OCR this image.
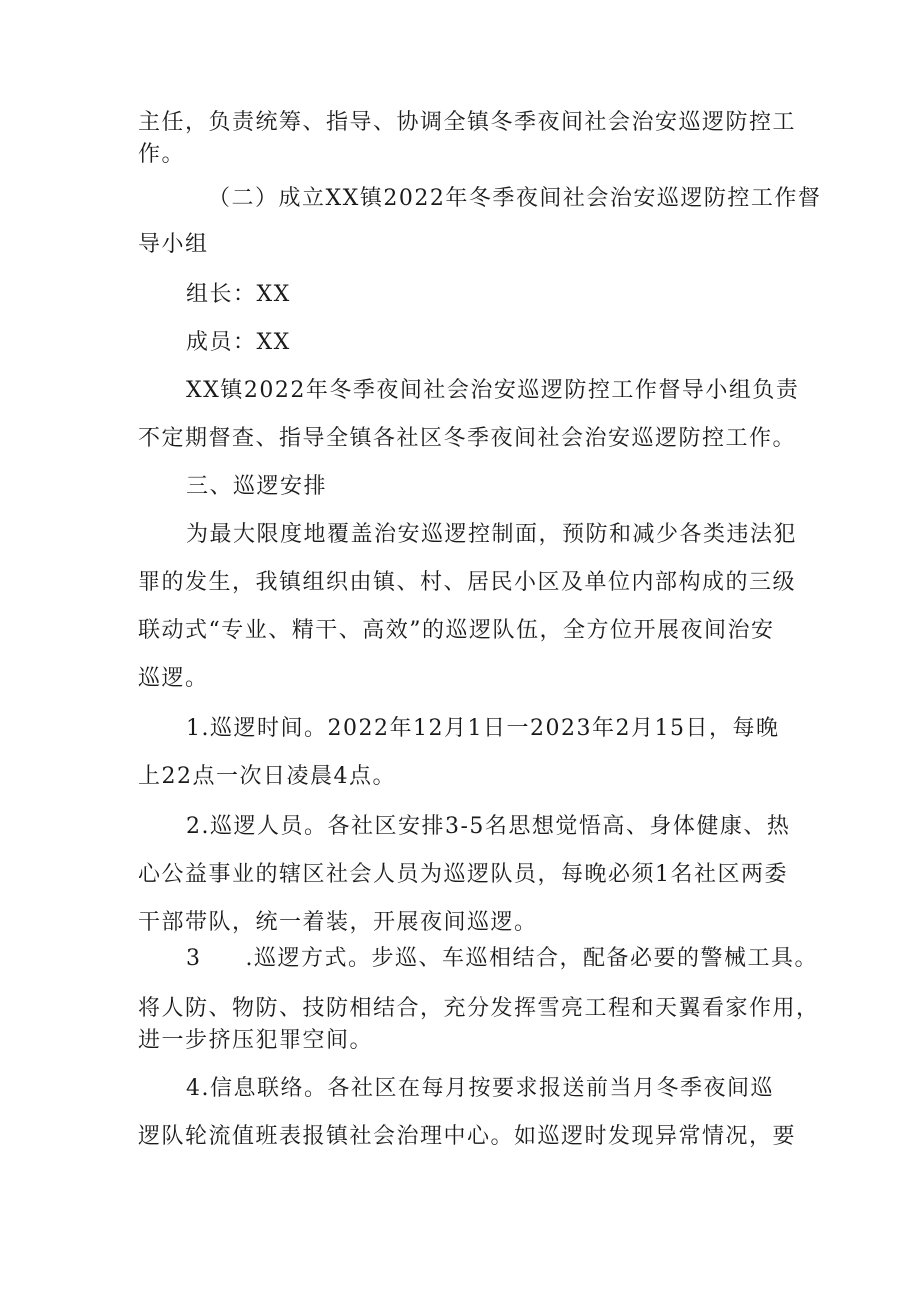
主任，负责统筹、指导、协调全镇冬季夜间社会治安巡逻防控工
作。
（二）成立XX镇2022年冬季夜间社会治安巡逻防控工作督
导小组
组长：XX
成员：XX
XX镇2022年冬季夜间社会治安巡逻防控工作督导小组负责
不定期督查、指导全镇各社区冬季夜间社会治安巡逻防控工作。
三、巡逻安排
为最大限度地覆盖治安巡逻控制面，预防和减少各类违法犯
罪的发生，我镇组织由镇、村、居民小区及单位内部构成的三级
联动式“专业、精干、高效”的巡逻队伍，全方位开展夜间治安
巡逻。
1.巡逻时间。2022年12月1日一2023年2月15日，每晚
上22点一次日凌晨4点。
2.巡逻人员。各社区安排3-5名思想觉悟高、身体健康、热
心公益事业的辖区社会人员为巡逻队员，每晚必须1名社区两委
干部带队，统一着装，开展夜间巡逻。
3 .巡逻方式。步巡、车巡相结合，配备必要的警械工具。
将人防、物防、技防相结合，充分发挥雪亮工程和天翼看家作用，
进一步挤压犯罪空间。
4.信息联络。各社区在每月按要求报送前当月冬季夜间巡
逻队轮流值班表报镇社会治理中心。如巡逻时发现异常情况，要
